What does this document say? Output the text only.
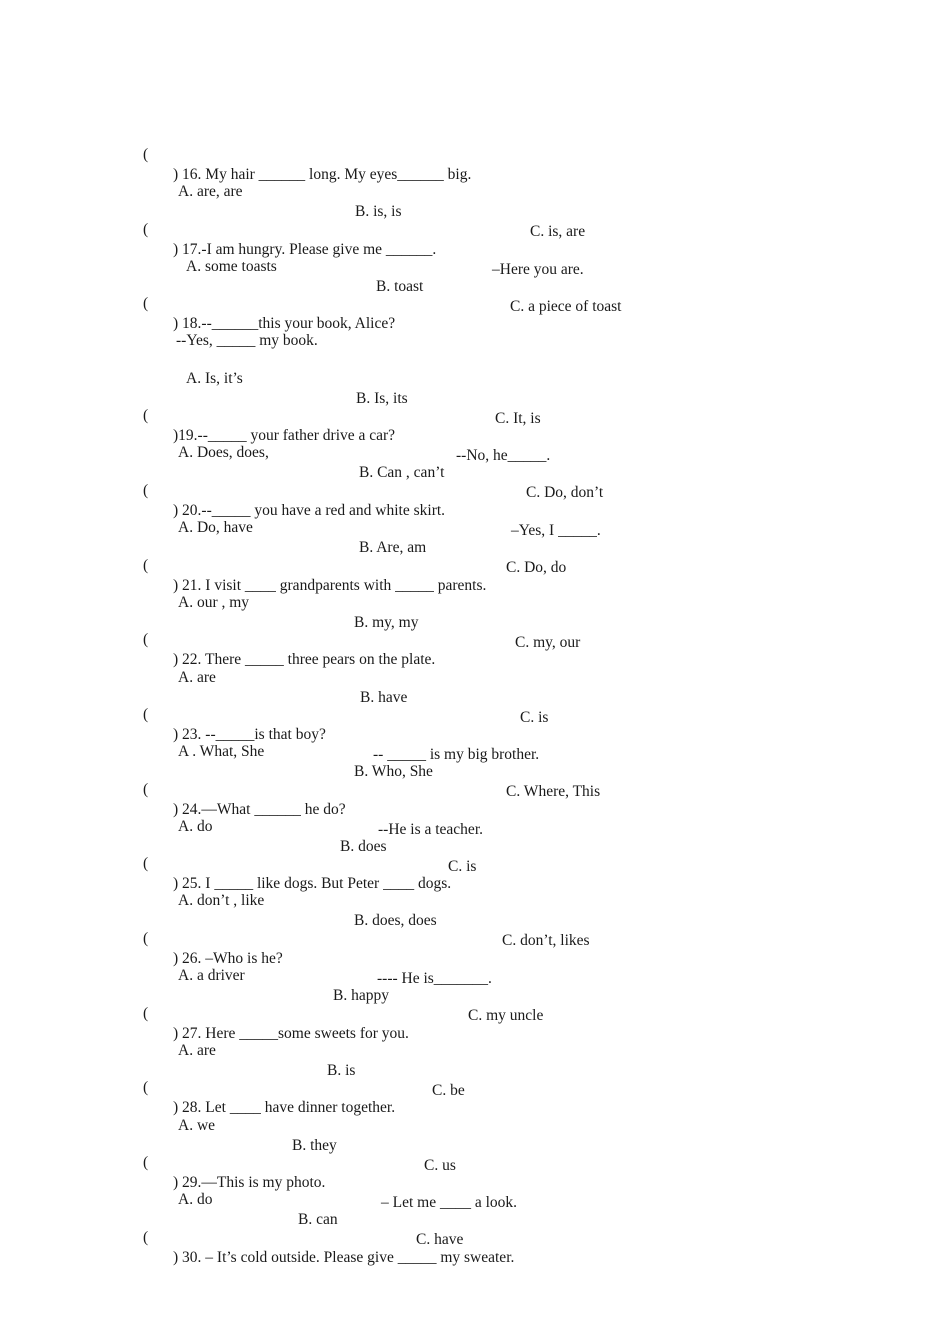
(

) 16. My hair ______ long. My eyes______ big.

A. are, are

B. is, is

C. is, are

(

) 17.-I am hungry. Please give me ______.

–Here you are.

A. some toasts

B. toast

C. a piece of toast

(

) 18.--______this your book, Alice?

--Yes, _____ my book.

A. Is, it’s

B. Is, its

C. It, is

(

)19.--_____ your father drive a car?

--No, he_____.

A. Does, does,

B. Can , can’t

C. Do, don’t

(

) 20.--_____ you have a red and white skirt.

–Yes, I _____.

A. Do, have

B. Are, am

C. Do, do

(

) 21. I visit ____ grandparents with _____ parents.

A. our , my

B. my, my

C. my, our

(

) 22. There _____ three pears on the plate.

A. are

B. have

C. is

(

) 23. --_____is that boy?

-- _____ is my big brother.

A . What, She

B. Who, She

C. Where, This

(

) 24.—What ______ he do?

--He is a teacher.

A. do

B. does

C. is

(

) 25. I _____ like dogs. But Peter ____ dogs.

A. don’t , like

B. does, does

C. don’t, likes

(

) 26. –Who is he?

---- He is_______.

A. a driver

B. happy

C. my uncle

(

) 27. Here _____some sweets for you.

A. are

B. is

C. be

(

) 28. Let ____ have dinner together.

A. we

B. they

C. us

(

) 29.—This is my photo.

– Let me ____ a look.

A. do

B. can

C. have

(

) 30. – It’s cold outside. Please give _____ my sweater.
